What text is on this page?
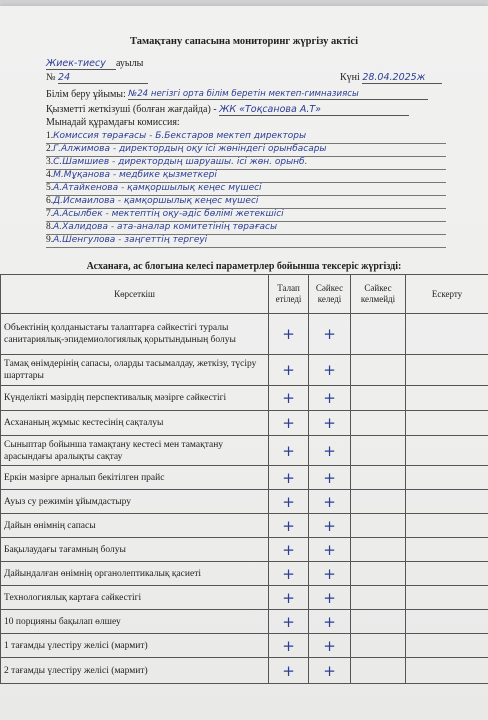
Тамақтану сапасына мониторинг жүргізу актісі
Жиек-тиесу ауылы
№ 24	Күні 28.04.2025ж
Білім беру ұйымы: №24 негізгі орта білім беретін мектеп-гимназиясы
Қызметті жеткізуші (болған жағдайда) - ЖК «Тоқсанова А.Т»
Мынадай құрамдағы комиссия:
1.Комиссия төрағасы - Б.Бекстаров мектеп директоры
2.Г.Алжимова - директордың оқу ісі жөніндегі орынбасары
3.С.Шамшиев - директордың шаруашы. ісі жөн. орынб.
4.М.Мұқанова - медбике қызметкері
5.А.Атайкенова - қамқоршылық кеңес мүшесі
6.Д.Исмаилова - қамқоршылық кеңес мүшесі
7.А.Асылбек - мектептің оқу-әдіс бөлімі жетекшісі
8.А.Халидова - ата-аналар комитетінің төрағасы
9.А.Шенгуловa - заңгеттің тергеуі
Асханаға, ас блогына келесі параметрлер бойынша тексеріс жүргізді:
Көрсеткіш	Талап етіледі	Сәйкес келеді	Сәйкес келмейді	Ескерту
Объектінің қолданыстағы талаптарға сәйкестігі туралы санитариялық-эпидемиологиялық қорытындының болуы	+	+		
Тамақ өнімдерінің сапасы, оларды тасымалдау, жеткізу, түсіру шарттары	+	+		
Күнделікті мәзірдің перспективалық мәзірге сәйкестігі	+	+		
Асхананың жұмыс кестесінің сақталуы	+	+		
Сыныптар бойынша тамақтану кестесі мен тамақтану арасындағы аралықты сақтау	+	+		
Еркін мәзірге арналып бекітілген прайс	+	+		
Ауыз су режимін ұйымдастыру	+	+		
Дайын өнімнің сапасы	+	+		
Бақылаудағы тағамның болуы	+	+		
Дайындалған өнімнің органолептикалық қасиеті	+	+		
Технологиялық картаға сәйкестігі	+	+		
10 порцияны бақылап өлшеу	+	+		
1 тағамды үлестіру желісі (мармит)	+	+		
2 тағамды үлестіру желісі (мармит)	+	+		
